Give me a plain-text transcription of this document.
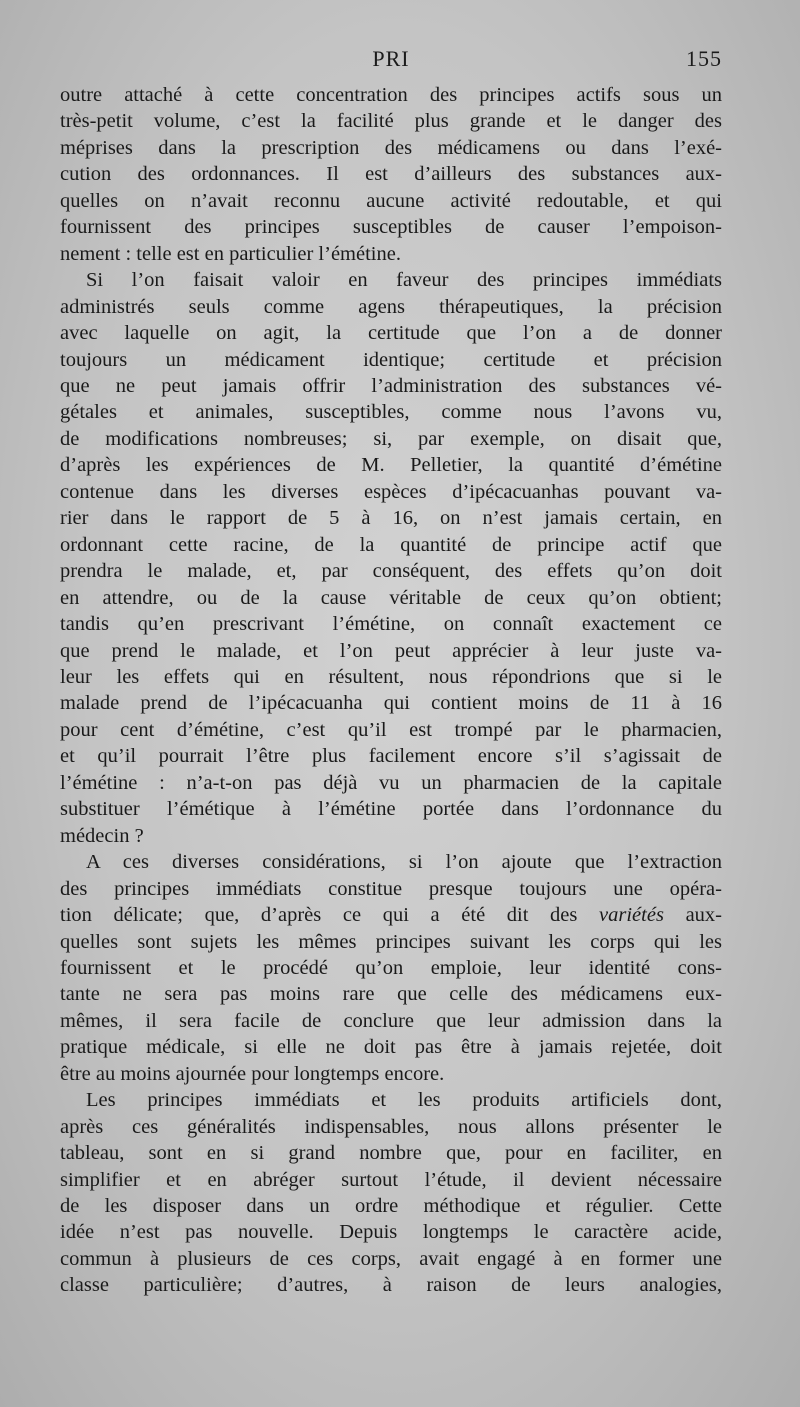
PRI	155
outre attaché à cette concentration des principes actifs sous un
très-petit volume, c’est la facilité plus grande et le danger des
méprises dans la prescription des médicamens ou dans l’exé-
cution des ordonnances. Il est d’ailleurs des substances aux-
quelles on n’avait reconnu aucune activité redoutable, et qui
fournissent des principes susceptibles de causer l’empoison-
nement : telle est en particulier l’émétine.
Si l’on faisait valoir en faveur des principes immédiats
administrés seuls comme agens thérapeutiques, la précision
avec laquelle on agit, la certitude que l’on a de donner
toujours un médicament identique; certitude et précision
que ne peut jamais offrir l’administration des substances vé-
gétales et animales, susceptibles, comme nous l’avons vu,
de modifications nombreuses; si, par exemple, on disait que,
d’après les expériences de M. Pelletier, la quantité d’émétine
contenue dans les diverses espèces d’ipécacuanhas pouvant va-
rier dans le rapport de 5 à 16, on n’est jamais certain, en
ordonnant cette racine, de la quantité de principe actif que
prendra le malade, et, par conséquent, des effets qu’on doit
en attendre, ou de la cause véritable de ceux qu’on obtient;
tandis qu’en prescrivant l’émétine, on connaît exactement ce
que prend le malade, et l’on peut apprécier à leur juste va-
leur les effets qui en résultent, nous répondrions que si le
malade prend de l’ipécacuanha qui contient moins de 11 à 16
pour cent d’émétine, c’est qu’il est trompé par le pharmacien,
et qu’il pourrait l’être plus facilement encore s’il s’agissait de
l’émétine : n’a-t-on pas déjà vu un pharmacien de la capitale
substituer l’émétique à l’émétine portée dans l’ordonnance du
médecin ?
A ces diverses considérations, si l’on ajoute que l’extraction
des principes immédiats constitue presque toujours une opéra-
tion délicate; que, d’après ce qui a été dit des variétés aux-
quelles sont sujets les mêmes principes suivant les corps qui les
fournissent et le procédé qu’on emploie, leur identité cons-
tante ne sera pas moins rare que celle des médicamens eux-
mêmes, il sera facile de conclure que leur admission dans la
pratique médicale, si elle ne doit pas être à jamais rejetée, doit
être au moins ajournée pour longtemps encore.
Les principes immédiats et les produits artificiels dont,
après ces généralités indispensables, nous allons présenter le
tableau, sont en si grand nombre que, pour en faciliter, en
simplifier et en abréger surtout l’étude, il devient nécessaire
de les disposer dans un ordre méthodique et régulier. Cette
idée n’est pas nouvelle. Depuis longtemps le caractère acide,
commun à plusieurs de ces corps, avait engagé à en former une
classe particulière; d’autres, à raison de leurs analogies,
